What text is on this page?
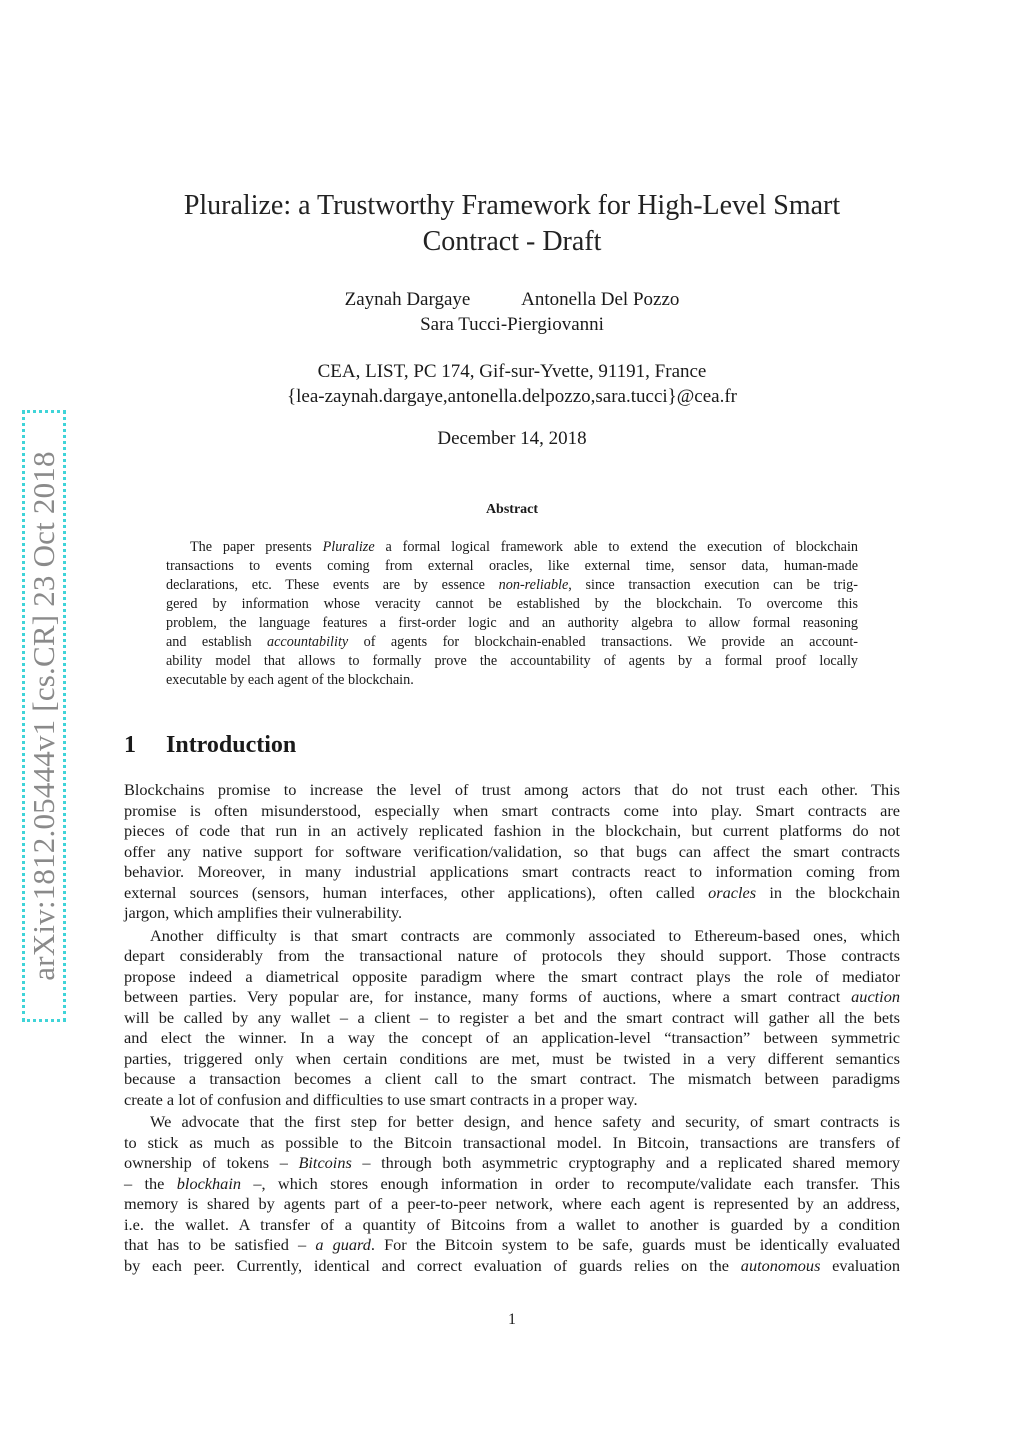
arXiv:1812.05444v1 [cs.CR] 23 Oct 2018
Pluralize: a Trustworthy Framework for High-Level Smart
Contract - Draft
Zaynah Dargaye	Antonella Del Pozzo
Sara Tucci-Piergiovanni
CEA, LIST, PC 174, Gif-sur-Yvette, 91191, France
{lea-zaynah.dargaye,antonella.delpozzo,sara.tucci}@cea.fr
December 14, 2018
Abstract
The paper presents Pluralize a formal logical framework able to extend the execution of blockchain
transactions to events coming from external oracles, like external time, sensor data, human-made
declarations, etc. These events are by essence non-reliable, since transaction execution can be trig-
gered by information whose veracity cannot be established by the blockchain. To overcome this
problem, the language features a first-order logic and an authority algebra to allow formal reasoning
and establish accountability of agents for blockchain-enabled transactions. We provide an account-
ability model that allows to formally prove the accountability of agents by a formal proof locally
executable by each agent of the blockchain.
1 Introduction
Blockchains promise to increase the level of trust among actors that do not trust each other. This
promise is often misunderstood, especially when smart contracts come into play. Smart contracts are
pieces of code that run in an actively replicated fashion in the blockchain, but current platforms do not
offer any native support for software verification/validation, so that bugs can affect the smart contracts
behavior. Moreover, in many industrial applications smart contracts react to information coming from
external sources (sensors, human interfaces, other applications), often called oracles in the blockchain
jargon, which amplifies their vulnerability.
Another difficulty is that smart contracts are commonly associated to Ethereum-based ones, which
depart considerably from the transactional nature of protocols they should support. Those contracts
propose indeed a diametrical opposite paradigm where the smart contract plays the role of mediator
between parties. Very popular are, for instance, many forms of auctions, where a smart contract auction
will be called by any wallet – a client – to register a bet and the smart contract will gather all the bets
and elect the winner. In a way the concept of an application-level “transaction” between symmetric
parties, triggered only when certain conditions are met, must be twisted in a very different semantics
because a transaction becomes a client call to the smart contract. The mismatch between paradigms
create a lot of confusion and difficulties to use smart contracts in a proper way.
We advocate that the first step for better design, and hence safety and security, of smart contracts is
to stick as much as possible to the Bitcoin transactional model. In Bitcoin, transactions are transfers of
ownership of tokens – Bitcoins – through both asymmetric cryptography and a replicated shared memory
– the blockhain –, which stores enough information in order to recompute/validate each transfer. This
memory is shared by agents part of a peer-to-peer network, where each agent is represented by an address,
i.e. the wallet. A transfer of a quantity of Bitcoins from a wallet to another is guarded by a condition
that has to be satisfied – a guard. For the Bitcoin system to be safe, guards must be identically evaluated
by each peer. Currently, identical and correct evaluation of guards relies on the autonomous evaluation
1
